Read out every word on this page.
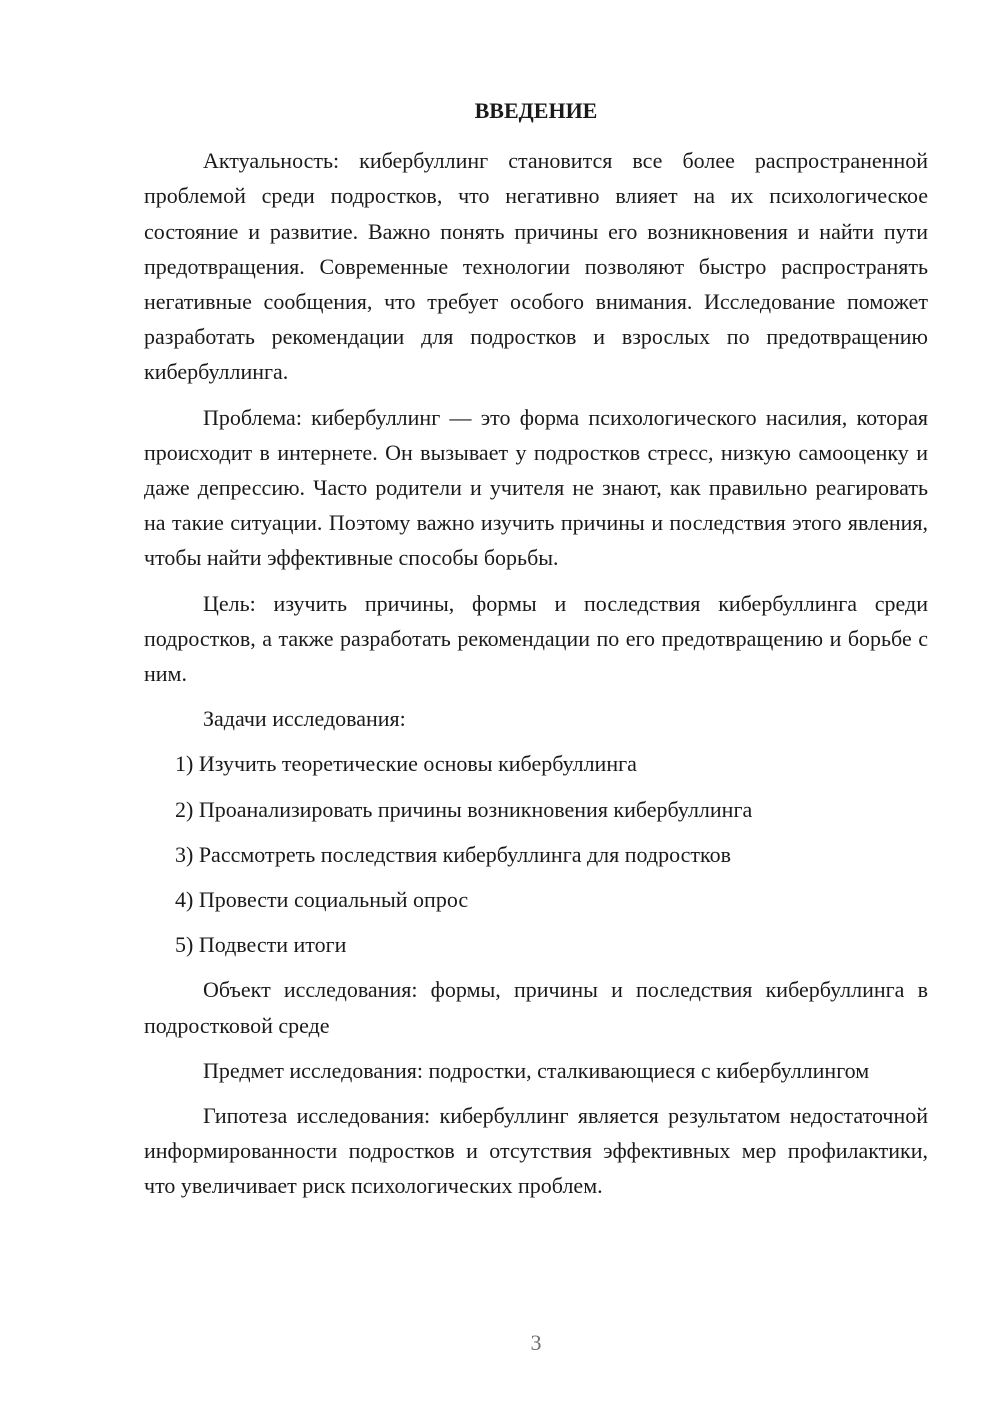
ВВЕДЕНИЕ

Актуальность: кибербуллинг становится все более распространенной проблемой среди подростков, что негативно влияет на их психологическое состояние и развитие. Важно понять причины его возникновения и найти пути предотвращения. Современные технологии позволяют быстро распространять негативные сообщения, что требует особого внимания. Исследование поможет разработать рекомендации для подростков и взрослых по предотвращению кибербуллинга.

Проблема: кибербуллинг — это форма психологического насилия, которая происходит в интернете. Он вызывает у подростков стресс, низкую самооценку и даже депрессию. Часто родители и учителя не знают, как правильно реагировать на такие ситуации. Поэтому важно изучить причины и последствия этого явления, чтобы найти эффективные способы борьбы.

Цель: изучить причины, формы и последствия кибербуллинга среди подростков, а также разработать рекомендации по его предотвращению и борьбе с ним.

Задачи исследования:
1) Изучить теоретические основы кибербуллинга
2) Проанализировать причины возникновения кибербуллинга
3) Рассмотреть последствия кибербуллинга для подростков
4) Провести социальный опрос
5) Подвести итоги

Объект исследования: формы, причины и последствия кибербуллинга в подростковой среде

Предмет исследования: подростки, сталкивающиеся с кибербуллингом

Гипотеза исследования: кибербуллинг является результатом недостаточной информированности подростков и отсутствия эффективных мер профилактики, что увеличивает риск психологических проблем.

3
